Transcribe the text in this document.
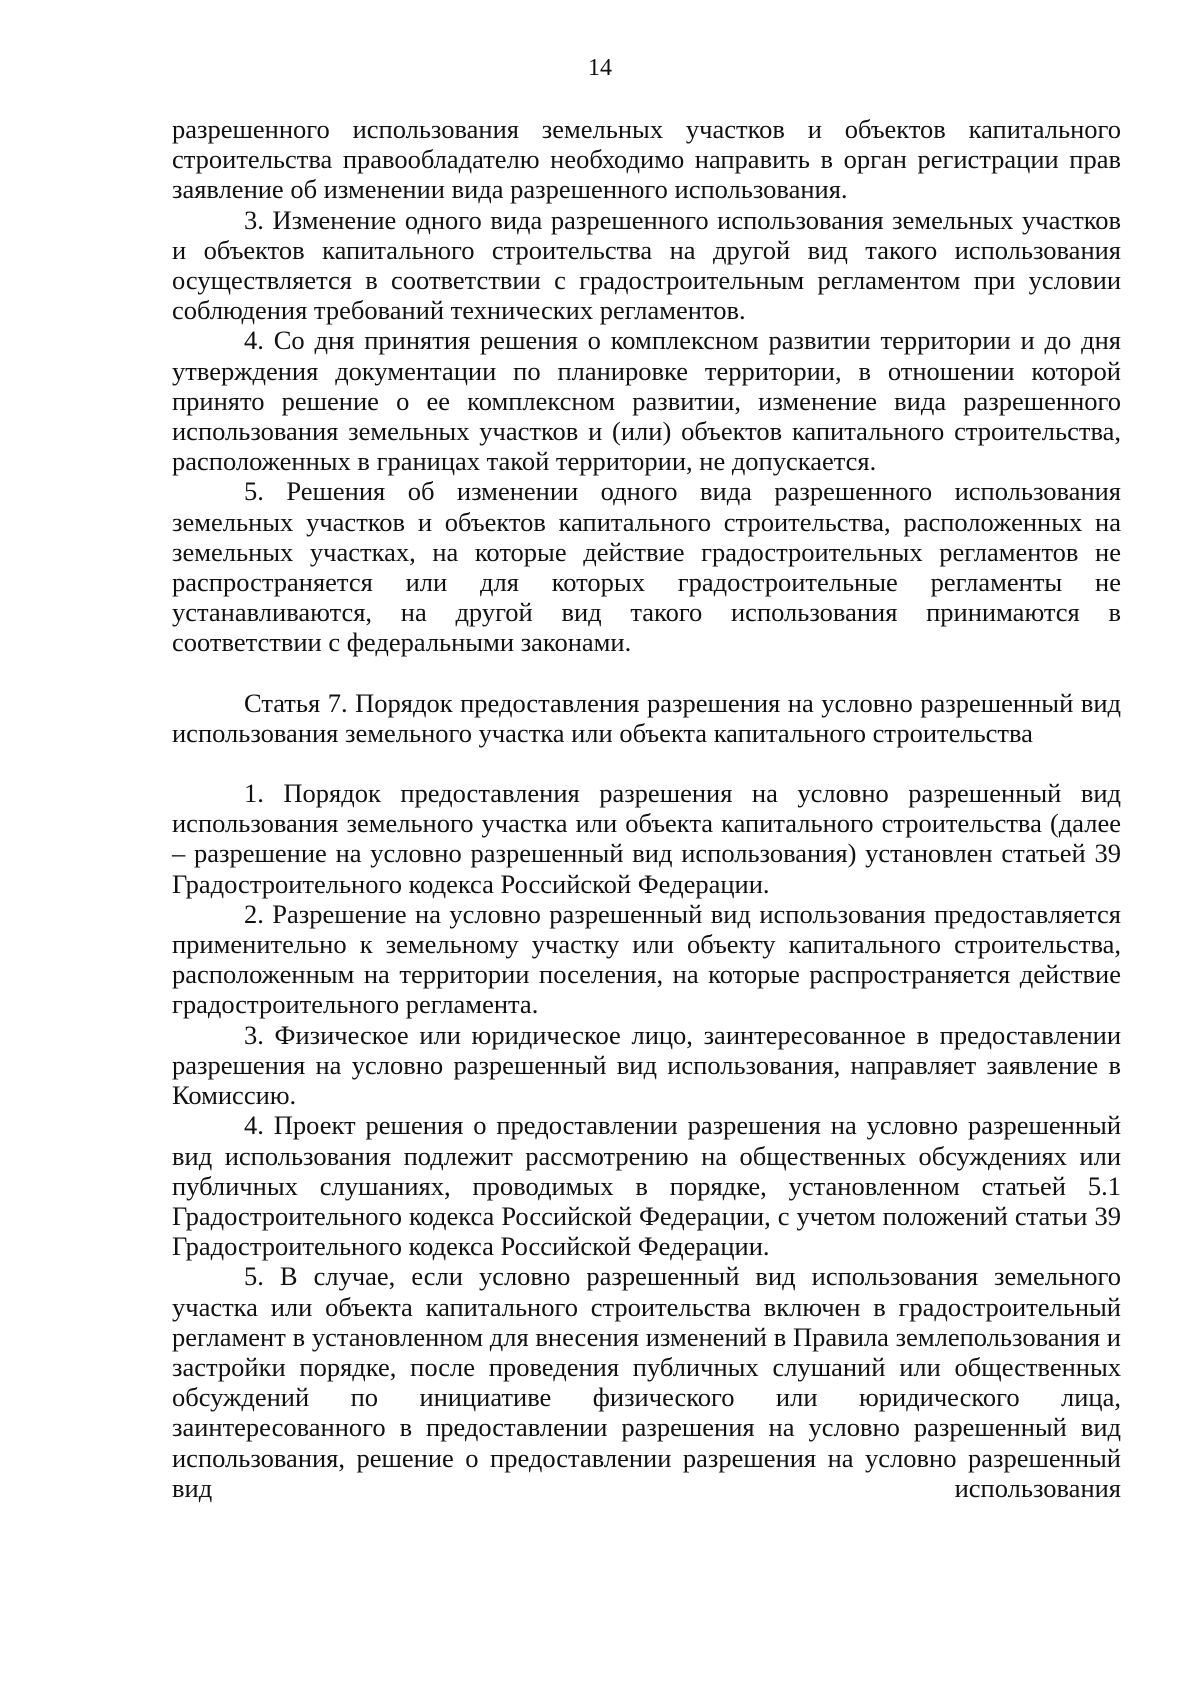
14

разрешенного использования земельных участков и объектов капитального строительства правообладателю необходимо направить в орган регистрации прав заявление об изменении вида разрешенного использования.

3. Изменение одного вида разрешенного использования земельных участков и объектов капитального строительства на другой вид такого использования осуществляется в соответствии с градостроительным регламентом при условии соблюдения требований технических регламентов.

4. Со дня принятия решения о комплексном развитии территории и до дня утверждения документации по планировке территории, в отношении которой принято решение о ее комплексном развитии, изменение вида разрешенного использования земельных участков и (или) объектов капитального строительства, расположенных в границах такой территории, не допускается.

5. Решения об изменении одного вида разрешенного использования земельных участков и объектов капитального строительства, расположенных на земельных участках, на которые действие градостроительных регламентов не распространяется или для которых градостроительные регламенты не устанавливаются, на другой вид такого использования принимаются в соответствии с федеральными законами.

Статья 7. Порядок предоставления разрешения на условно разрешенный вид использования земельного участка или объекта капитального строительства

1. Порядок предоставления разрешения на условно разрешенный вид использования земельного участка или объекта капитального строительства (далее – разрешение на условно разрешенный вид использования) установлен статьей 39 Градостроительного кодекса Российской Федерации.

2. Разрешение на условно разрешенный вид использования предоставляется применительно к земельному участку или объекту капитального строительства, расположенным на территории поселения, на которые распространяется действие градостроительного регламента.

3. Физическое или юридическое лицо, заинтересованное в предоставлении разрешения на условно разрешенный вид использования, направляет заявление в Комиссию.

4. Проект решения о предоставлении разрешения на условно разрешенный вид использования подлежит рассмотрению на общественных обсуждениях или публичных слушаниях, проводимых в порядке, установленном статьей 5.1 Градостроительного кодекса Российской Федерации, с учетом положений статьи 39 Градостроительного кодекса Российской Федерации.

5. В случае, если условно разрешенный вид использования земельного участка или объекта капитального строительства включен в градостроительный регламент в установленном для внесения изменений в Правила землепользования и застройки порядке, после проведения публичных слушаний или общественных обсуждений по инициативе физического или юридического лица, заинтересованного в предоставлении разрешения на условно разрешенный вид использования, решение о предоставлении разрешения на условно разрешенный вид использования
